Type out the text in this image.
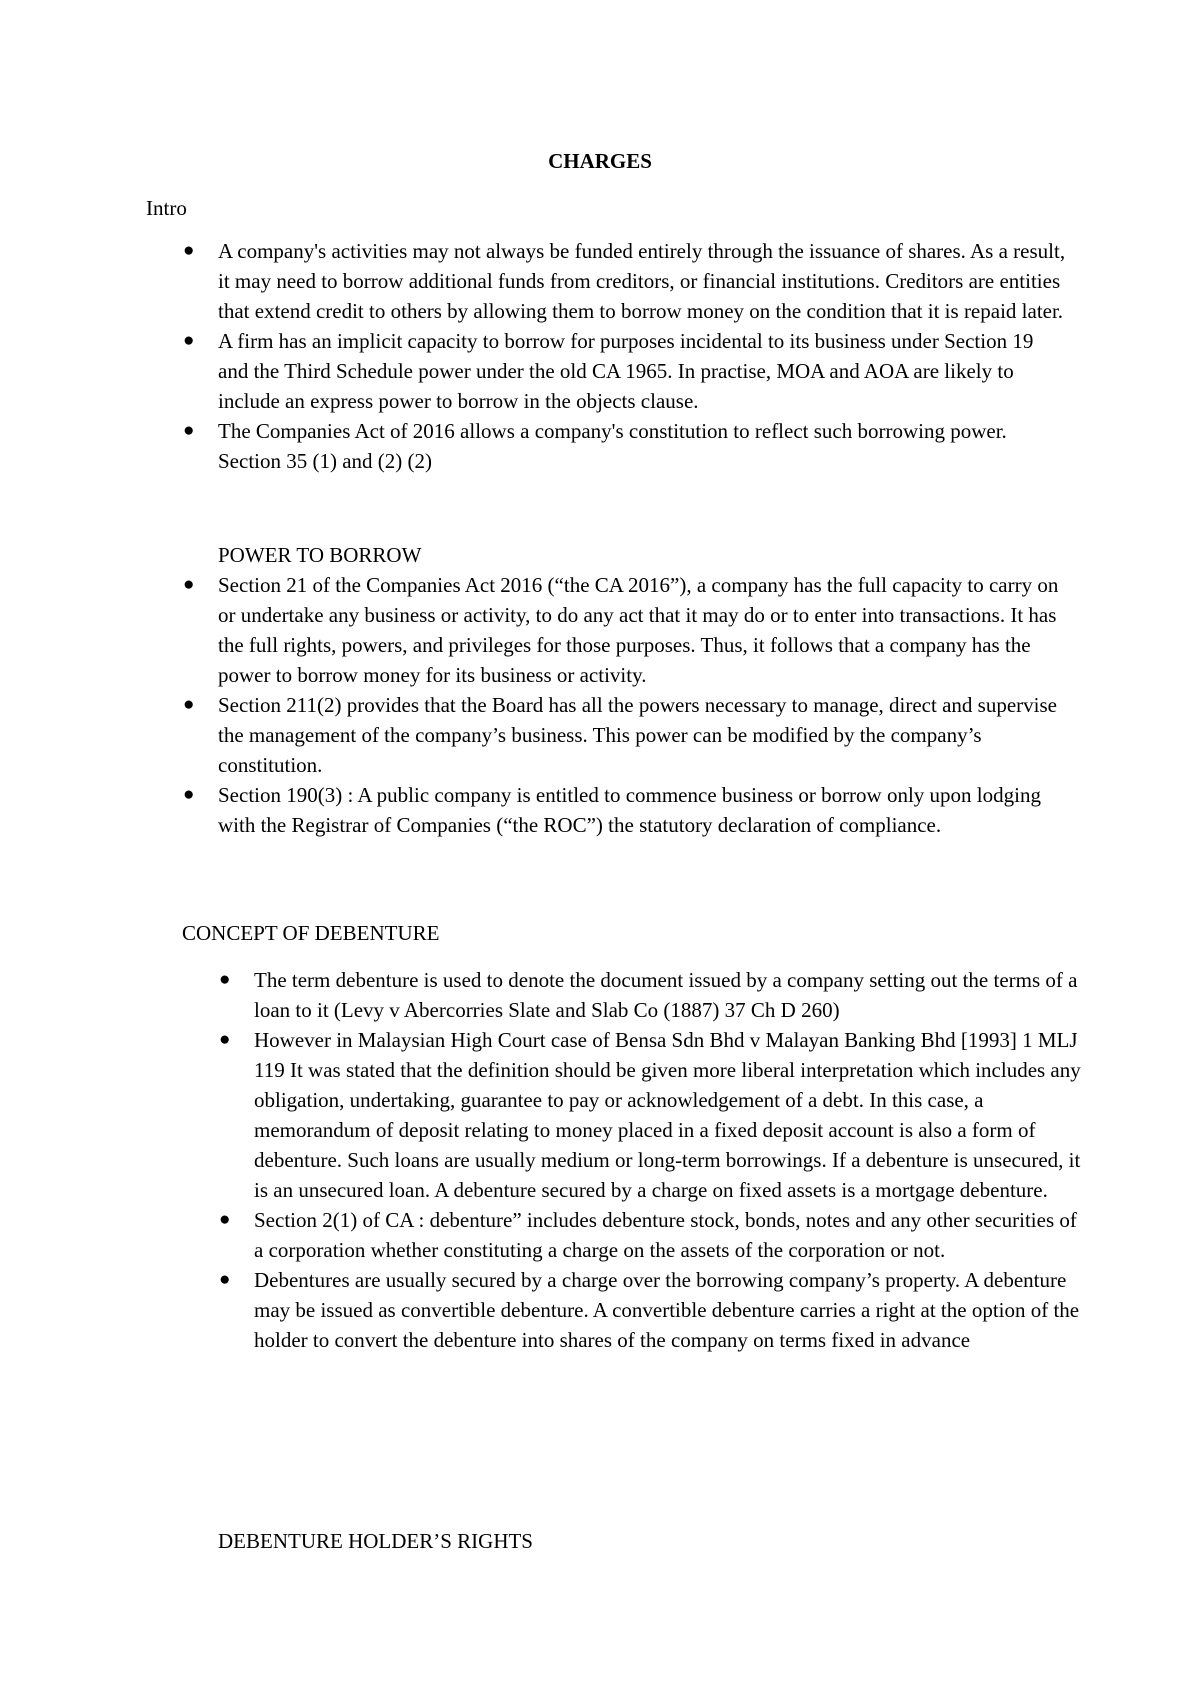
CHARGES
Intro
● A company's activities may not always be funded entirely through the issuance of shares. As a result, it may need to borrow additional funds from creditors, or financial institutions. Creditors are entities that extend credit to others by allowing them to borrow money on the condition that it is repaid later.
● A firm has an implicit capacity to borrow for purposes incidental to its business under Section 19 and the Third Schedule power under the old CA 1965. In practise, MOA and AOA are likely to include an express power to borrow in the objects clause.
● The Companies Act of 2016 allows a company's constitution to reflect such borrowing power. Section 35 (1) and (2) (2)
POWER TO BORROW
● Section 21 of the Companies Act 2016 (“the CA 2016”), a company has the full capacity to carry on or undertake any business or activity, to do any act that it may do or to enter into transactions. It has the full rights, powers, and privileges for those purposes. Thus, it follows that a company has the power to borrow money for its business or activity.
● Section 211(2) provides that the Board has all the powers necessary to manage, direct and supervise the management of the company’s business. This power can be modified by the company’s constitution.
● Section 190(3) : A public company is entitled to commence business or borrow only upon lodging with the Registrar of Companies (“the ROC”) the statutory declaration of compliance.
CONCEPT OF DEBENTURE
● The term debenture is used to denote the document issued by a company setting out the terms of a loan to it (Levy v Abercorries Slate and Slab Co (1887) 37 Ch D 260)
● However in Malaysian High Court case of Bensa Sdn Bhd v Malayan Banking Bhd [1993] 1 MLJ 119 It was stated that the definition should be given more liberal interpretation which includes any obligation, undertaking, guarantee to pay or acknowledgement of a debt. In this case, a memorandum of deposit relating to money placed in a fixed deposit account is also a form of debenture. Such loans are usually medium or long-term borrowings. If a debenture is unsecured, it is an unsecured loan. A debenture secured by a charge on fixed assets is a mortgage debenture.
● Section 2(1) of CA : debenture” includes debenture stock, bonds, notes and any other securities of a corporation whether constituting a charge on the assets of the corporation or not.
● Debentures are usually secured by a charge over the borrowing company’s property. A debenture may be issued as convertible debenture. A convertible debenture carries a right at the option of the holder to convert the debenture into shares of the company on terms fixed in advance
DEBENTURE HOLDER’S RIGHTS
